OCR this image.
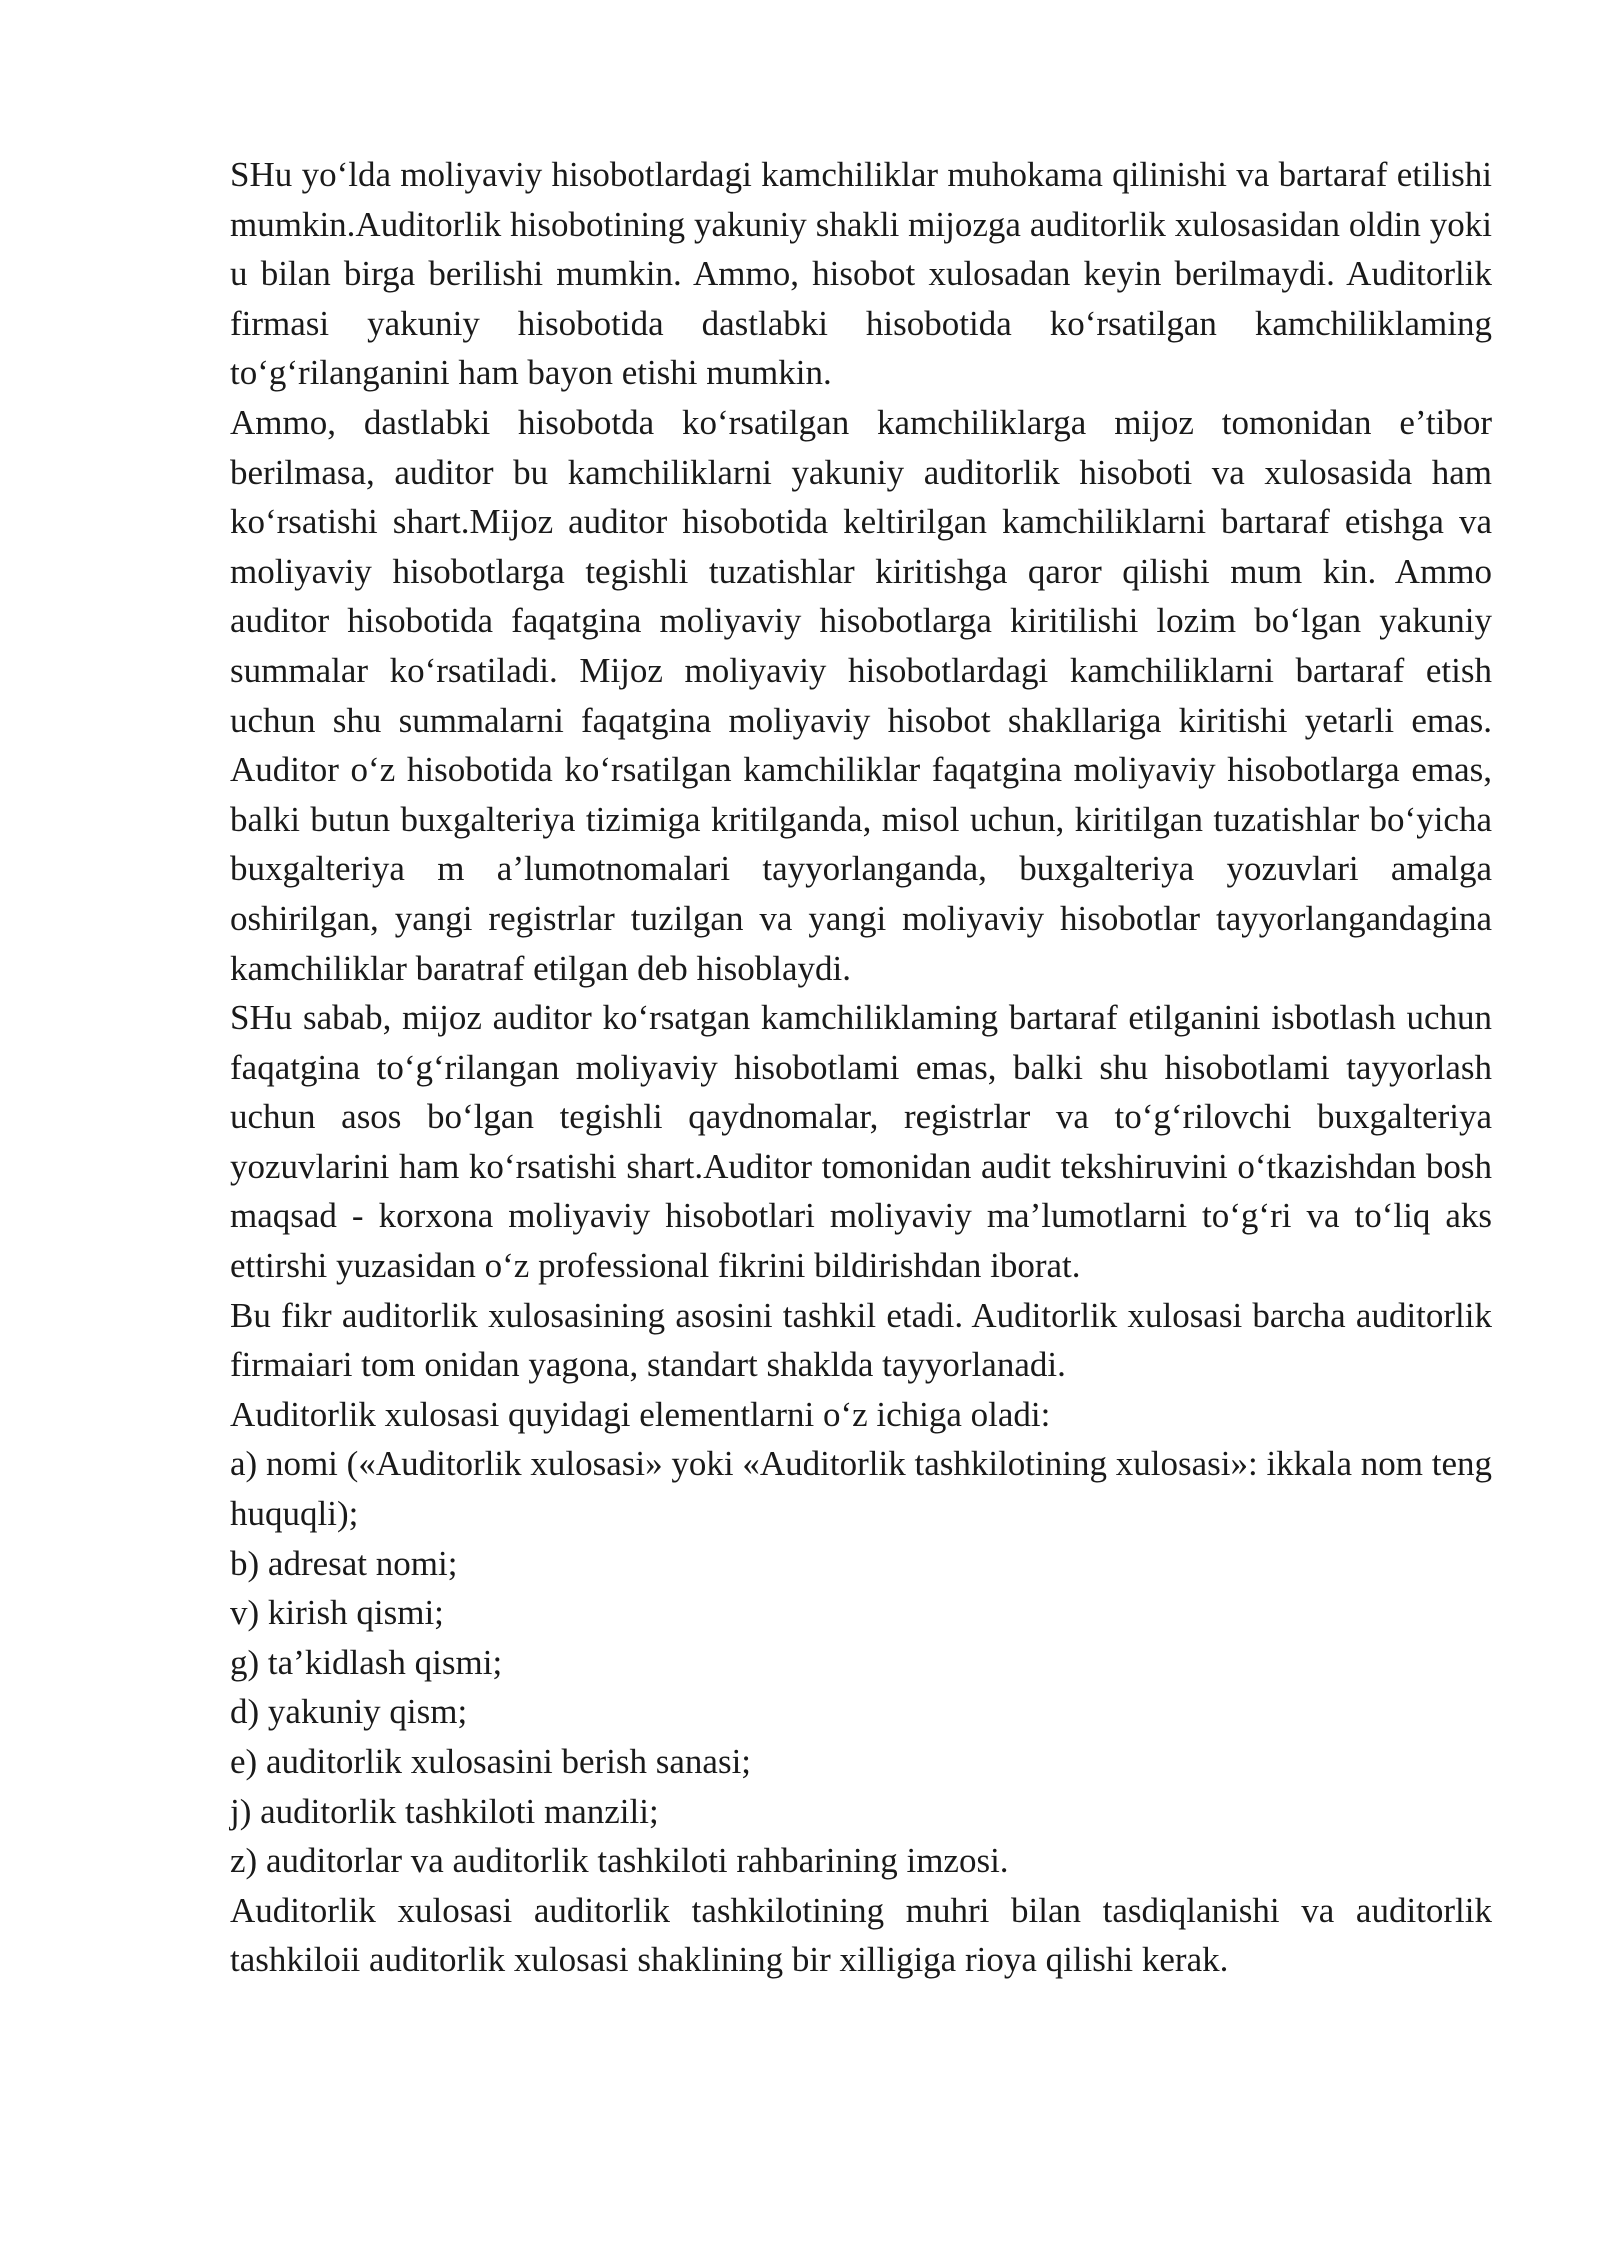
SHu yo‘lda moliyaviy hisobotlardagi kamchiliklar muhokama qilinishi va bartaraf etilishi mumkin.Auditorlik hisobotining yakuniy shakli mijozga auditorlik xulosasidan oldin yoki u bilan birga berilishi mumkin. Ammo, hisobot xulosadan keyin berilmaydi. Auditorlik firmasi yakuniy hisobotida dastlabki hisobotida ko‘rsatilgan kamchiliklaming to‘g‘rilanganini ham bayon etishi mumkin.

Ammo, dastlabki hisobotda ko‘rsatilgan kamchiliklarga mijoz tomonidan e’tibor berilmasa, auditor bu kamchiliklarni yakuniy auditorlik hisoboti va xulosasida ham ko‘rsatishi shart.Mijoz auditor hisobotida keltirilgan kamchiliklarni bartaraf etishga va moliyaviy hisobotlarga tegishli tuzatishlar kiritishga qaror qilishi mum kin. Ammo auditor hisobotida faqatgina moliyaviy hisobotlarga kiritilishi lozim bo‘lgan yakuniy summalar ko‘rsatiladi. Mijoz moliyaviy hisobotlardagi kamchiliklarni bartaraf etish uchun shu summalarni faqatgina moliyaviy hisobot shakllariga kiritishi yetarli emas. Auditor o‘z hisobotida ko‘rsatilgan kamchiliklar faqatgina moliyaviy hisobotlarga emas, balki butun buxgalteriya tizimiga kritilganda, misol uchun, kiritilgan tuzatishlar bo‘yicha buxgalteriya m a’lumotnomalari tayyorlanganda, buxgalteriya yozuvlari amalga oshirilgan, yangi registrlar tuzilgan va yangi moliyaviy hisobotlar tayyorlangandagina kamchiliklar baratraf etilgan deb hisoblaydi.

SHu sabab, mijoz auditor ko‘rsatgan kamchiliklaming bartaraf etilganini isbotlash uchun faqatgina to‘g‘rilangan moliyaviy hisobotlami emas, balki shu hisobotlami tayyorlash uchun asos bo‘lgan tegishli qaydnomalar, registrlar va to‘g‘rilovchi buxgalteriya yozuvlarini ham ko‘rsatishi shart.Auditor tomonidan audit tekshiruvini o‘tkazishdan bosh maqsad - korxona moliyaviy hisobotlari moliyaviy ma’lumotlarni to‘g‘ri va to‘liq aks ettirshi yuzasidan o‘z professional fikrini bildirishdan iborat.

Bu fikr auditorlik xulosasining asosini tashkil etadi. Auditorlik xulosasi barcha auditorlik firmaiari tom onidan yagona, standart shaklda tayyorlanadi.

Auditorlik xulosasi quyidagi elementlarni o‘z ichiga oladi:

a) nomi («Auditorlik xulosasi» yoki «Auditorlik tashkilotining xulosasi»: ikkala nom teng huquqli);

b) adresat nomi;

v) kirish qismi;

g) ta’kidlash qismi;

d) yakuniy qism;

e) auditorlik xulosasini berish sanasi;

j) auditorlik tashkiloti manzili;

z) auditorlar va auditorlik tashkiloti rahbarining imzosi.

Auditorlik xulosasi auditorlik tashkilotining muhri bilan tasdiqlanishi va auditorlik tashkiloii auditorlik xulosasi shaklining bir xilligiga rioya qilishi kerak.
